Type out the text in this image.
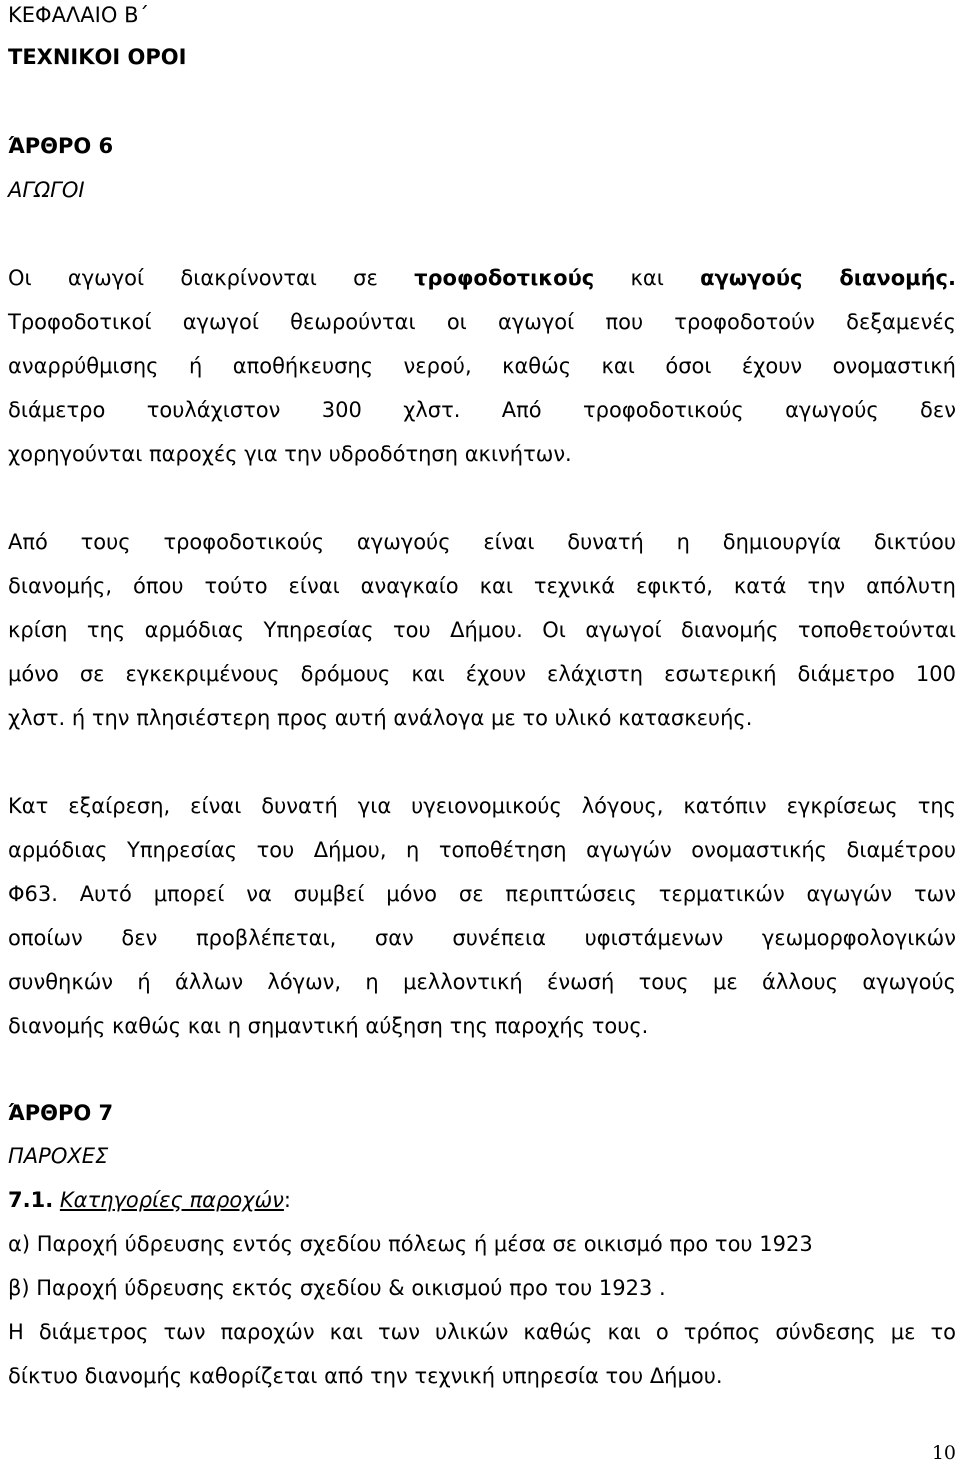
ΚΕΦΑΛΑΙΟ Β΄

ΤΕΧΝΙΚΟΙ ΟΡΟΙ

ΆΡΘΡΟ 6

ΑΓΩΓΟΙ

Οι αγωγοί διακρίνονται σε τροφοδοτικούς και αγωγούς διανομής.

Τροφοδοτικοί αγωγοί θεωρούνται οι αγωγοί που τροφοδοτούν δεξαμενές

αναρρύθμισης ή αποθήκευσης νερού, καθώς και όσοι έχουν ονομαστική

διάμετρο τουλάχιστον 300 χλστ. Από τροφοδοτικούς αγωγούς δεν

χορηγούνται παροχές για την υδροδότηση ακινήτων.

Από τους τροφοδοτικούς αγωγούς είναι δυνατή η δημιουργία δικτύου

διανομής, όπου τούτο είναι αναγκαίο και τεχνικά εφικτό, κατά την απόλυτη

κρίση της αρμόδιας Υπηρεσίας του Δήμου. Οι αγωγοί διανομής τοποθετούνται

μόνο σε εγκεκριμένους δρόμους και έχουν ελάχιστη εσωτερική διάμετρο 100

χλστ. ή την πλησιέστερη προς αυτή ανάλογα με το υλικό κατασκευής.

Κατ εξαίρεση, είναι δυνατή για υγειονομικούς λόγους, κατόπιν εγκρίσεως της

αρμόδιας Υπηρεσίας του Δήμου, η τοποθέτηση αγωγών ονομαστικής διαμέτρου

Φ63. Αυτό μπορεί να συμβεί μόνο σε περιπτώσεις τερματικών αγωγών των

οποίων δεν προβλέπεται, σαν συνέπεια υφιστάμενων γεωμορφολογικών

συνθηκών ή άλλων λόγων, η μελλοντική ένωσή τους με άλλους αγωγούς

διανομής καθώς και η σημαντική αύξηση της παροχής τους.

ΆΡΘΡΟ 7

ΠΑΡΟΧΕΣ

7.1. Κατηγορίες παροχών:

α) Παροχή ύδρευσης εντός σχεδίου πόλεως ή μέσα σε οικισμό προ του 1923

β) Παροχή ύδρευσης εκτός σχεδίου & οικισμού προ του 1923 .

Η διάμετρος των παροχών και των υλικών καθώς και ο τρόπος σύνδεσης με το

δίκτυο διανομής καθορίζεται από την τεχνική υπηρεσία του Δήμου.

10
